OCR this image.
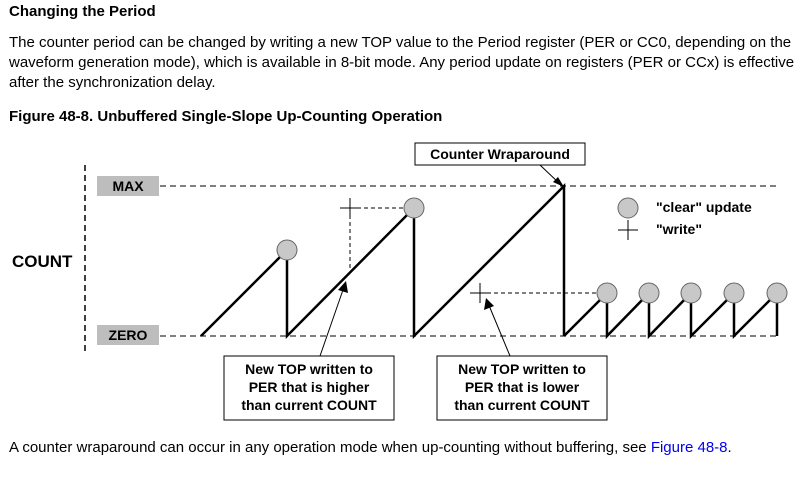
Changing the Period
The counter period can be changed by writing a new TOP value to the Period register (PER or CC0, depending on the waveform generation mode), which is available in 8-bit mode. Any period update on registers (PER or CCx) is effective after the synchronization delay.
Figure 48-8. Unbuffered Single-Slope Up-Counting Operation
MAX
ZERO
COUNT
"clear" update
"write"
Counter Wraparound
New TOP written to
PER that is higher
than current COUNT
New TOP written to
PER that is lower
than current COUNT
A counter wraparound can occur in any operation mode when up-counting without buffering, see Figure 48-8.
